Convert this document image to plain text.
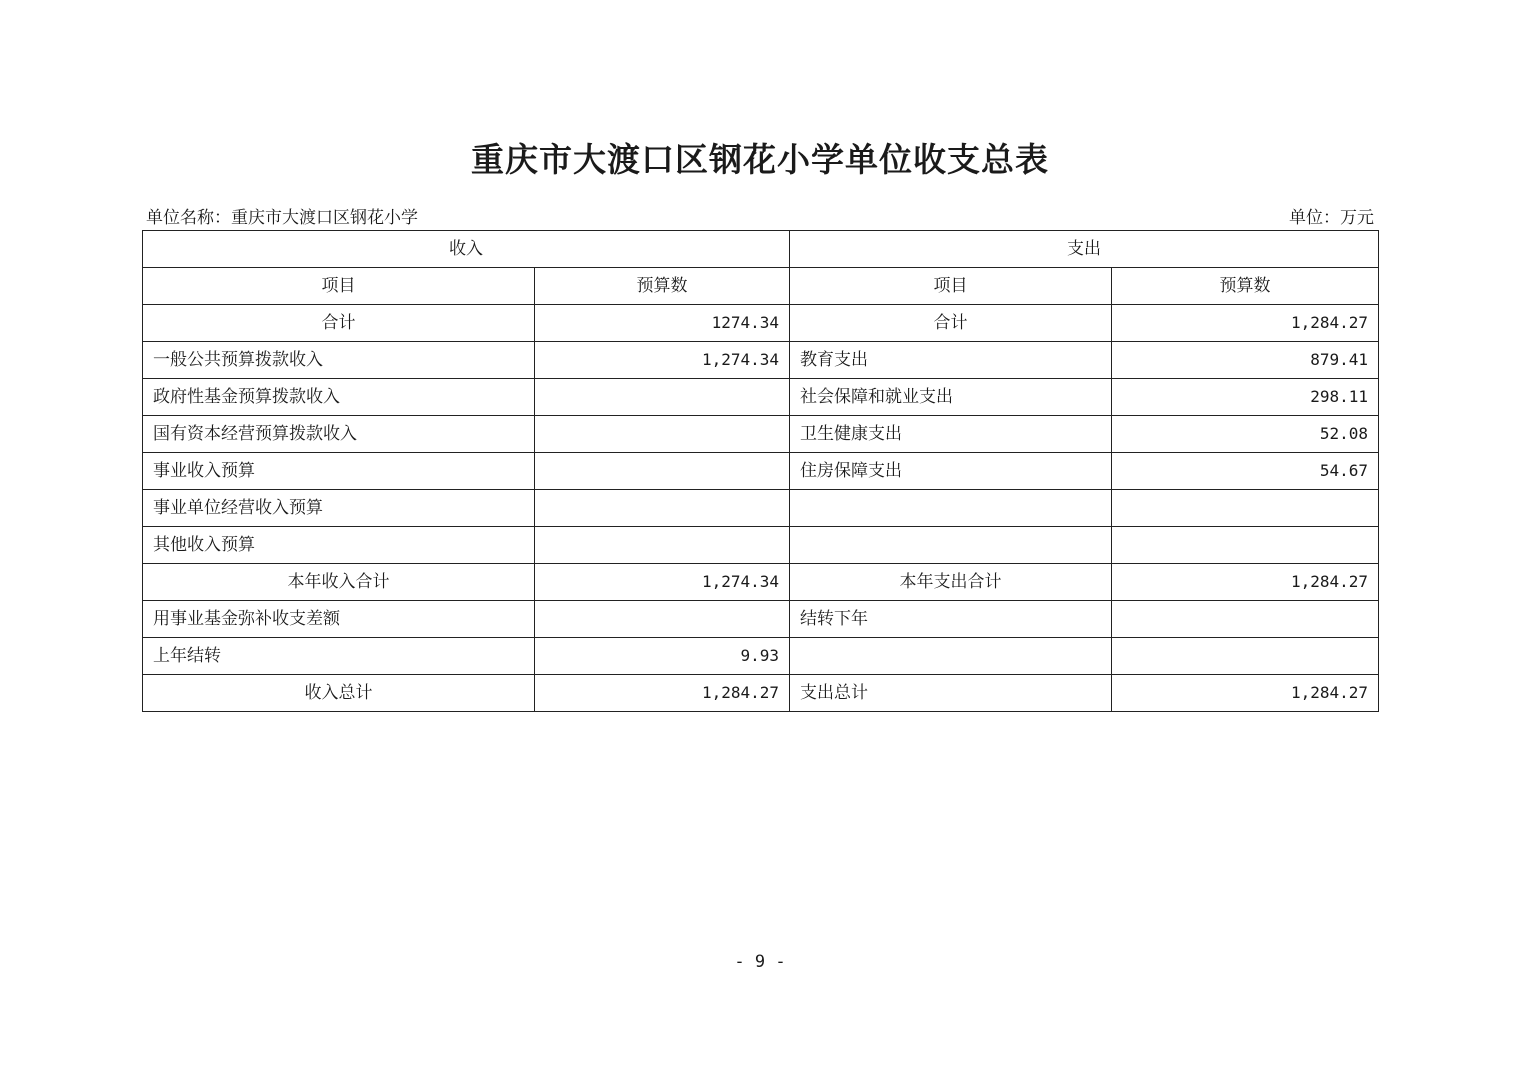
重庆市大渡口区钢花小学单位收支总表
单位名称：重庆市大渡口区钢花小学	单位：万元
收入		支出	
项目	预算数	项目	预算数
合计	1274.34	合计	1,284.27
一般公共预算拨款收入	1,274.34	教育支出	879.41
政府性基金预算拨款收入		社会保障和就业支出	298.11
国有资本经营预算拨款收入		卫生健康支出	52.08
事业收入预算		住房保障支出	54.67
事业单位经营收入预算			
其他收入预算			
本年收入合计	1,274.34	本年支出合计	1,284.27
用事业基金弥补收支差额		结转下年	
上年结转	9.93		
收入总计	1,284.27	支出总计	1,284.27
- 9 -
